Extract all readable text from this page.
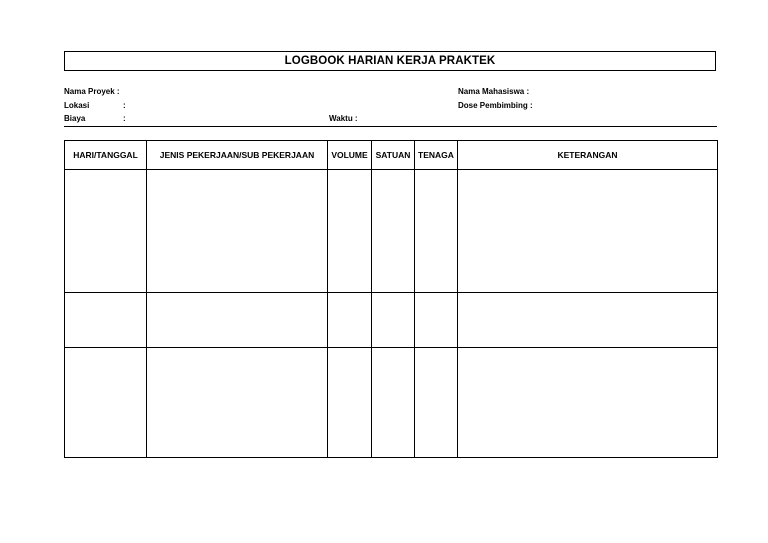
LOGBOOK HARIAN KERJA PRAKTEK
Nama Proyek :
Lokasi	:
Biaya	:	Waktu :
Nama Mahasiswa :
Dose Pembimbing :
HARI/TANGGAL	JENIS PEKERJAAN/SUB PEKERJAAN	VOLUME	SATUAN	TENAGA	KETERANGAN
